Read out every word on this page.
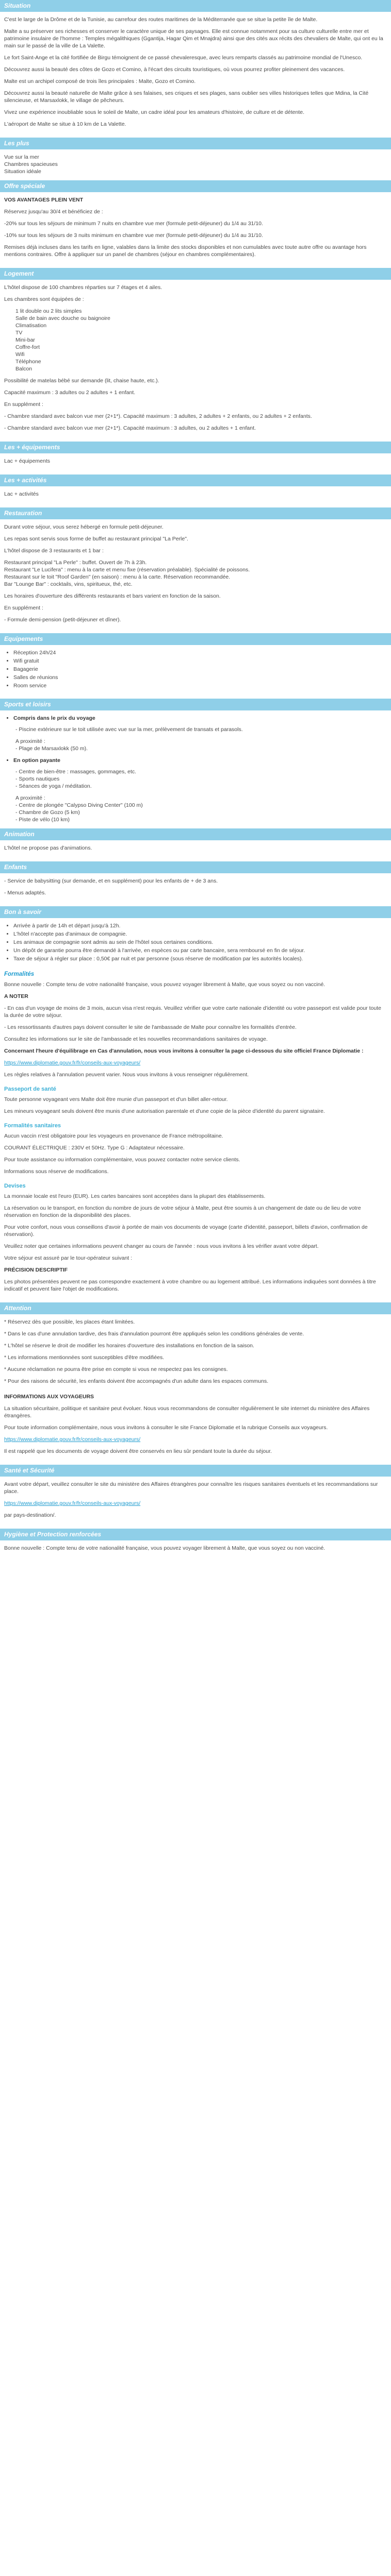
Situation

C'est le large de la Drôme et de la Tunisie, au carrefour des routes maritimes de la Méditerranée que se situe la petite île de Malte.

Malte a su préserver ses richesses et conserver le caractère unique de ses paysages. Elle est connue notamment pour sa culture culturelle entre mer et patrimoine insulaire de l'homme : Temples mégalithiques (Ggantija, Hagar Qim et Mnajdra) ainsi que des cités aux récits des chevaliers de Malte, qui ont eu la main sur le passé de la ville de La Valette.

Le fort Saint-Ange et la cité fortifiée de Birgu témoignent de ce passé chevaleresque, avec leurs remparts classés au patrimoine mondial de l'Unesco.

Découvrez aussi la beauté des côtes de Gozo et Comino, à l'écart des circuits touristiques, où vous pourrez profiter pleinement des vacances.

Malte est un archipel composé de trois îles principales : Malte, Gozo et Comino.

Découvrez aussi la beauté naturelle de Malte grâce à ses falaises, ses criques et ses plages, sans oublier ses villes historiques telles que Mdina, la Cité silencieuse, et Marsaxlokk, le village de pêcheurs.

Vivez une expérience inoubliable sous le soleil de Malte, un cadre idéal pour les amateurs d'histoire, de culture et de détente.

L'aéroport de Malte se situe à 10 km de La Valette.

Les plus
Vue sur la mer
Chambres spacieuses
Situation idéale
Offre spéciale

VOS AVANTAGES PLEIN VENT

Réservez jusqu'au 30/4 et bénéficiez de :

-20% sur tous les séjours de minimum 7 nuits en chambre vue mer (formule petit-déjeuner) du 1/4 au 31/10.

-10% sur tous les séjours de 3 nuits minimum en chambre vue mer (formule petit-déjeuner) du 1/4 au 31/10.

Remises déjà incluses dans les tarifs en ligne, valables dans la limite des stocks disponibles et non cumulables avec toute autre offre ou avantage hors mentions contraires. Offre à appliquer sur un panel de chambres (séjour en chambres complémentaires).

Logement

L'hôtel dispose de 100 chambres réparties sur 7 étages et 4 ailes.

Les chambres sont équipées de :

1 lit double ou 2 lits simples
Salle de bain avec douche ou baignoire
Climatisation
TV
Mini-bar
Coffre-fort
Wifi
Téléphone
Balcon

Possibilité de matelas bébé sur demande (lit, chaise haute, etc.).

Capacité maximum : 3 adultes ou 2 adultes + 1 enfant.

En supplément :

- Chambre standard avec balcon vue mer (2+1*). Capacité maximum : 3 adultes, 2 adultes + 2 enfants, ou 2 adultes + 2 enfants.

- Chambre standard avec balcon vue mer (2+1*). Capacité maximum : 3 adultes, ou 2 adultes + 1 enfant.

Les + équipements

Lac + équipements

Les + activités

Lac + activités

Restauration

Durant votre séjour, vous serez hébergé en formule petit-déjeuner.

Les repas sont servis sous forme de buffet au restaurant principal "La Perle".

L'hôtel dispose de 3 restaurants et 1 bar :

Restaurant principal "La Perle" : buffet. Ouvert de 7h à 23h.
Restaurant "Le Lucifera" : menu à la carte et menu fixe (réservation préalable). Spécialité de poissons.
Restaurant sur le toit "Roof Garden" (en saison) : menu à la carte. Réservation recommandée.
Bar "Lounge Bar" : cocktails, vins, spiritueux, thé, etc.

Les horaires d'ouverture des différents restaurants et bars varient en fonction de la saison.

En supplément :

- Formule demi-pension (petit-déjeuner et dîner).

Equipements
• Réception 24h/24
• Wifi gratuit
• Bagagerie
• Salles de réunions
• Room service
Sports et loisirs
• Compris dans le prix du voyage

- Piscine extérieure sur le toit utilisée avec vue sur la mer, prélèvement de transats et parasols.

A proximité :
- Plage de Marsaxlokk (50 m).
• En option payante
- Centre de bien-être : massages, gommages, etc.
- Sports nautiques
- Séances de yoga / méditation.
A proximité :
- Centre de plongée "Calypso Diving Center" (100 m)
- Chambre de Gozo (5 km)
- Piste de vélo (10 km)
Animation

L'hôtel ne propose pas d'animations.

Enfants

- Service de babysitting (sur demande, et en supplément) pour les enfants de + de 3 ans.

- Menus adaptés.

Bon à savoir
• Arrivée à partir de 14h et départ jusqu'à 12h.
• L'hôtel n'accepte pas d'animaux de compagnie.
• Les animaux de compagnie sont admis au sein de l'hôtel sous certaines conditions.
• Un dépôt de garantie pourra être demandé à l'arrivée, en espèces ou par carte bancaire, sera remboursé en fin de séjour.
• Taxe de séjour à régler sur place : 0,50€ par nuit et par personne (sous réserve de modification par les autorités locales).
Formalités

Bonne nouvelle : Compte tenu de votre nationalité française, vous pouvez voyager librement à Malte, que vous soyez ou non vacciné.

A NOTER

- En cas d'un voyage de moins de 3 mois, aucun visa n'est requis. Veuillez vérifier que votre carte nationale d'identité ou votre passeport est valide pour toute la durée de votre séjour.

- Les ressortissants d'autres pays doivent consulter le site de l'ambassade de Malte pour connaître les formalités d'entrée.

Consultez les informations sur le site de l'ambassade et les nouvelles recommandations sanitaires de voyage.

Concernant l'heure d'équilibrage en Cas d'annulation, nous vous invitons à consulter la page ci-dessous du site officiel France Diplomatie :

https://www.diplomatie.gouv.fr/fr/conseils-aux-voyageurs/

Les règles relatives à l'annulation peuvent varier. Nous vous invitons à vous renseigner régulièrement.

Passeport de santé

Toute personne voyageant vers Malte doit être munie d'un passeport et d'un billet aller-retour.

Les mineurs voyageant seuls doivent être munis d'une autorisation parentale et d'une copie de la pièce d'identité du parent signataire.

Formalités sanitaires

Aucun vaccin n'est obligatoire pour les voyageurs en provenance de France métropolitaine.

COURANT ÉLECTRIQUE : 230V et 50Hz. Type G : Adaptateur nécessaire.

Pour toute assistance ou information complémentaire, vous pouvez contacter notre service clients.

Informations sous réserve de modifications.

Devises

La monnaie locale est l'euro (EUR). Les cartes bancaires sont acceptées dans la plupart des établissements.

La réservation ou le transport, en fonction du nombre de jours de votre séjour à Malte, peut être soumis à un changement de date ou de lieu de votre réservation en fonction de la disponibilité des places.

Pour votre confort, nous vous conseillons d'avoir à portée de main vos documents de voyage (carte d'identité, passeport, billets d'avion, confirmation de réservation).

Veuillez noter que certaines informations peuvent changer au cours de l'année : nous vous invitons à les vérifier avant votre départ.

Votre séjour est assuré par le tour-opérateur suivant :

PRÉCISION DESCRIPTIF

Les photos présentées peuvent ne pas correspondre exactement à votre chambre ou au logement attribué. Les informations indiquées sont données à titre indicatif et peuvent faire l'objet de modifications.

Attention

* Réservez dès que possible, les places étant limitées.

* Dans le cas d'une annulation tardive, des frais d'annulation pourront être appliqués selon les conditions générales de vente.

* L'hôtel se réserve le droit de modifier les horaires d'ouverture des installations en fonction de la saison.

* Les informations mentionnées sont susceptibles d'être modifiées.

* Aucune réclamation ne pourra être prise en compte si vous ne respectez pas les consignes.

* Pour des raisons de sécurité, les enfants doivent être accompagnés d'un adulte dans les espaces communs.

INFORMATIONS AUX VOYAGEURS

La situation sécuritaire, politique et sanitaire peut évoluer. Nous vous recommandons de consulter régulièrement le site internet du ministère des Affaires étrangères.

Pour toute information complémentaire, nous vous invitons à consulter le site France Diplomatie et la rubrique Conseils aux voyageurs.

https://www.diplomatie.gouv.fr/fr/conseils-aux-voyageurs/

Il est rappelé que les documents de voyage doivent être conservés en lieu sûr pendant toute la durée du séjour.

Santé et Sécurité

Avant votre départ, veuillez consulter le site du ministère des Affaires étrangères pour connaître les risques sanitaires éventuels et les recommandations sur place.

https://www.diplomatie.gouv.fr/fr/conseils-aux-voyageurs/

par pays-destination/.

Hygiène et Protection renforcées

Bonne nouvelle : Compte tenu de votre nationalité française, vous pouvez voyager librement à Malte, que vous soyez ou non vacciné.
